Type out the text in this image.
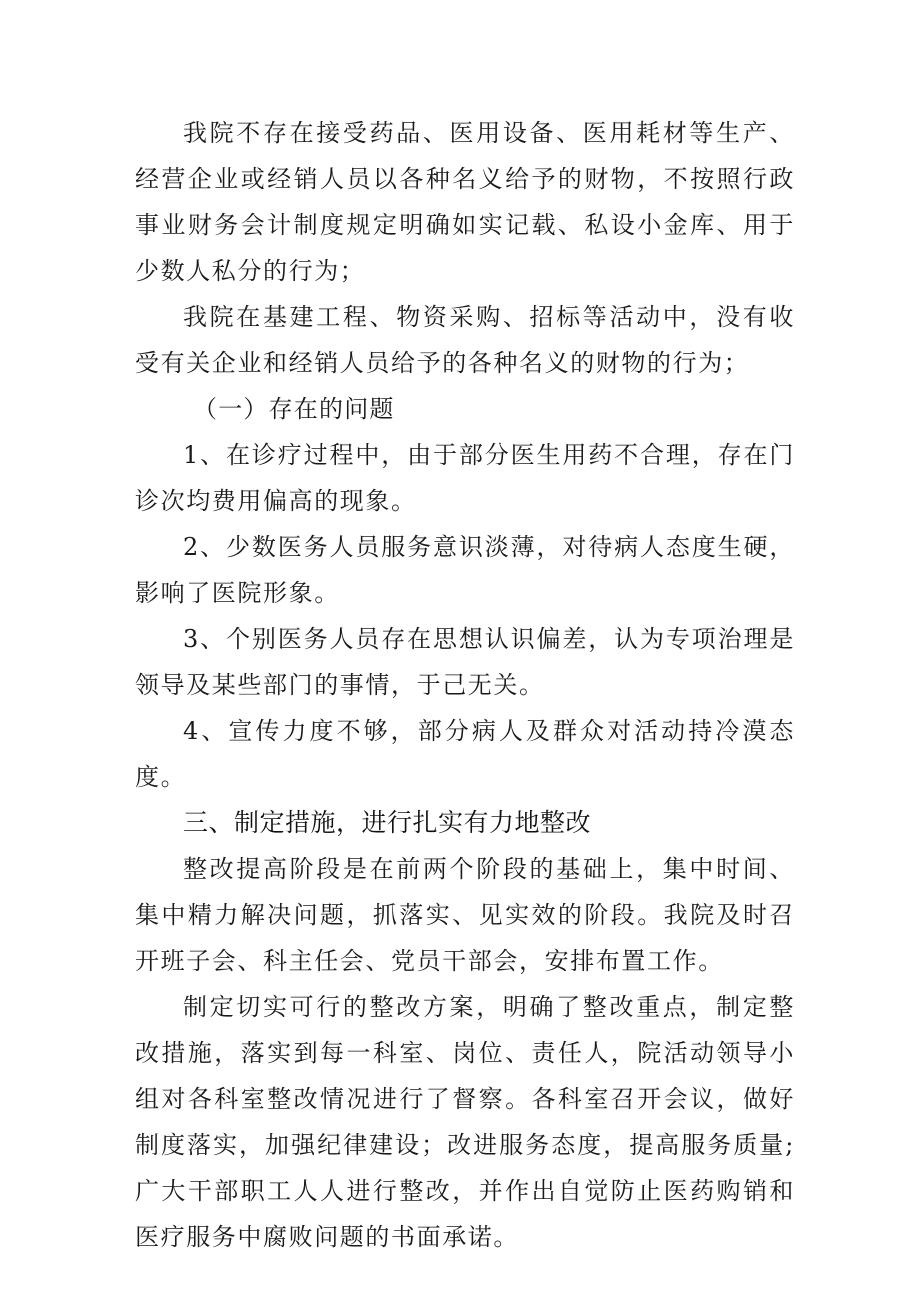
我院不存在接受药品、医用设备、医用耗材等生产、经营企业或经销人员以各种名义给予的财物，不按照行政事业财务会计制度规定明确如实记载、私设小金库、用于少数人私分的行为；

我院在基建工程、物资采购、招标等活动中，没有收受有关企业和经销人员给予的各种名义的财物的行为；

（一）存在的问题

1、在诊疗过程中，由于部分医生用药不合理，存在门诊次均费用偏高的现象。

2、少数医务人员服务意识淡薄，对待病人态度生硬，影响了医院形象。

3、个别医务人员存在思想认识偏差，认为专项治理是领导及某些部门的事情，于己无关。

4、宣传力度不够，部分病人及群众对活动持冷漠态度。

三、制定措施，进行扎实有力地整改

整改提高阶段是在前两个阶段的基础上，集中时间、集中精力解决问题，抓落实、见实效的阶段。我院及时召开班子会、科主任会、党员干部会，安排布置工作。

制定切实可行的整改方案，明确了整改重点，制定整改措施，落实到每一科室、岗位、责任人，院活动领导小组对各科室整改情况进行了督察。各科室召开会议，做好制度落实，加强纪律建设；改进服务态度，提高服务质量;广大干部职工人人进行整改，并作出自觉防止医药购销和医疗服务中腐败问题的书面承诺。
